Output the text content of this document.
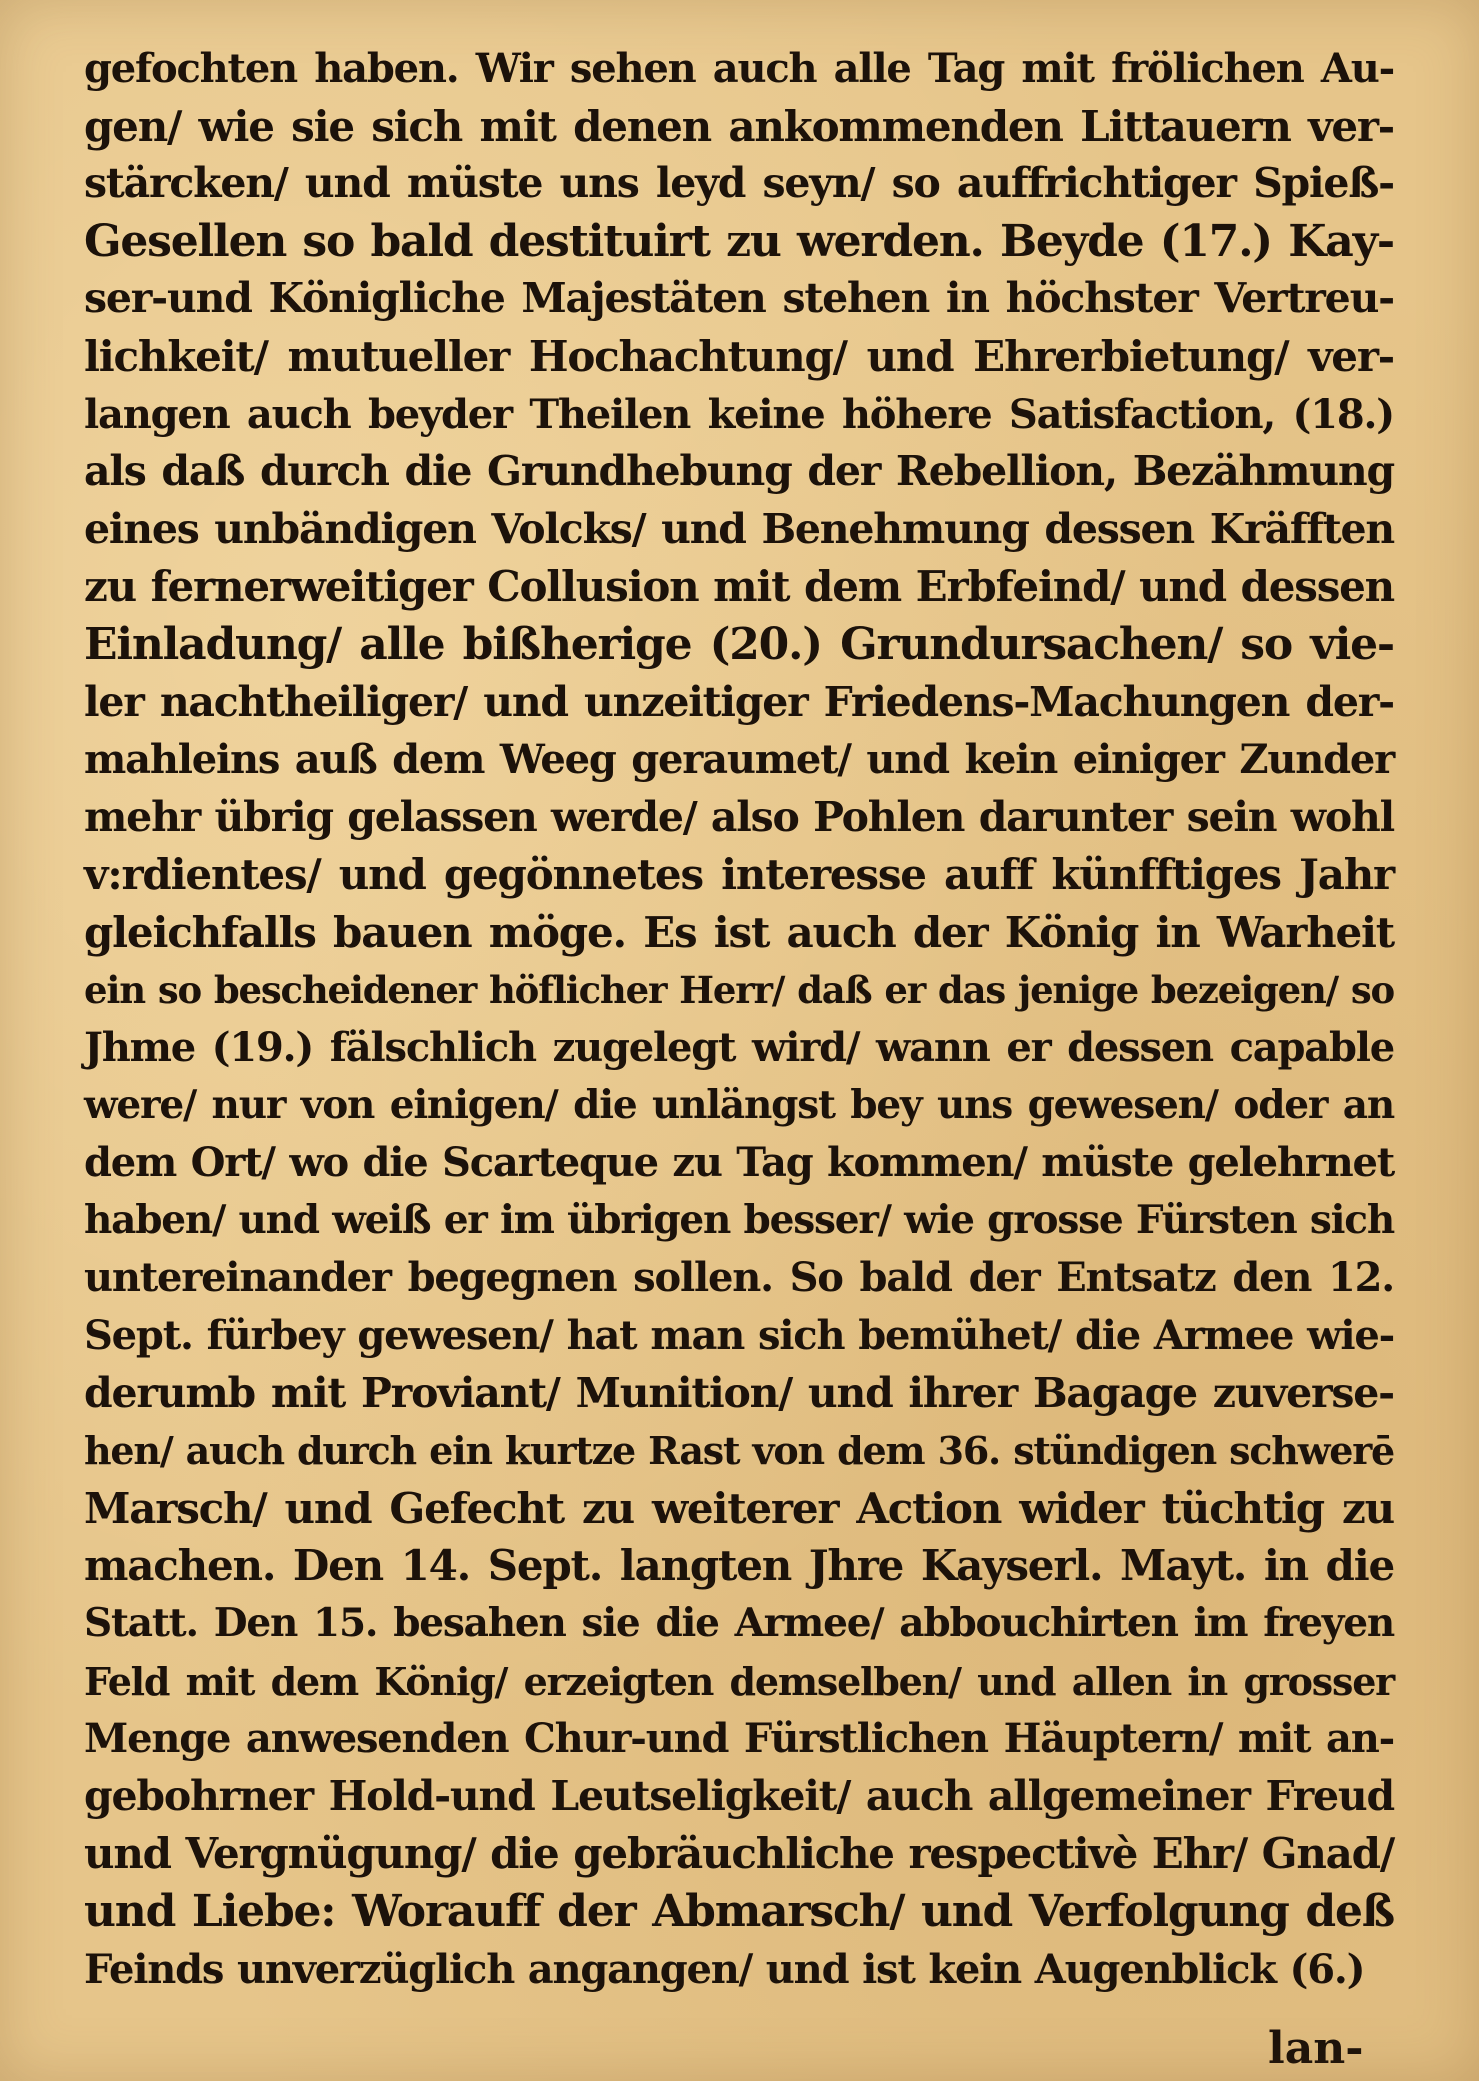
gefochten haben. Wir sehen auch alle Tag mit frölichen Au-
gen/ wie sie sich mit denen ankommenden Littauern ver-
stärcken/ und müste uns leyd seyn/ so auffrichtiger Spieß-
Gesellen so bald destituirt zu werden. Beyde (17.) Kay-
ser-und Königliche Majestäten stehen in höchster Vertreu-
lichkeit/ mutueller Hochachtung/ und Ehrerbietung/ ver-
langen auch beyder Theilen keine höhere Satisfaction, (18.)
als daß durch die Grundhebung der Rebellion, Bezähmung
eines unbändigen Volcks/ und Benehmung dessen Kräfften
zu fernerweitiger Collusion mit dem Erbfeind/ und dessen
Einladung/ alle bißherige (20.) Grundursachen/ so vie-
ler nachtheiliger/ und unzeitiger Friedens-Machungen der-
mahleins auß dem Weeg geraumet/ und kein einiger Zunder
mehr übrig gelassen werde/ also Pohlen darunter sein wohl
v:rdientes/ und gegönnetes interesse auff künfftiges Jahr
gleichfalls bauen möge. Es ist auch der König in Warheit
ein so bescheidener höflicher Herr/ daß er das jenige bezeigen/ so
Jhme (19.) fälschlich zugelegt wird/ wann er dessen capable
were/ nur von einigen/ die unlängst bey uns gewesen/ oder an
dem Ort/ wo die Scarteque zu Tag kommen/ müste gelehrnet
haben/ und weiß er im übrigen besser/ wie grosse Fürsten sich
untereinander begegnen sollen. So bald der Entsatz den 12.
Sept. fürbey gewesen/ hat man sich bemühet/ die Armee wie-
derumb mit Proviant/ Munition/ und ihrer Bagage zuverse-
hen/ auch durch ein kurtze Rast von dem 36. stündigen schwerē
Marsch/ und Gefecht zu weiterer Action wider tüchtig zu
machen. Den 14. Sept. langten Jhre Kayserl. Mayt. in die
Statt. Den 15. besahen sie die Armee/ abbouchirten im freyen
Feld mit dem König/ erzeigten demselben/ und allen in grosser
Menge anwesenden Chur-und Fürstlichen Häuptern/ mit an-
gebohrner Hold-und Leutseligkeit/ auch allgemeiner Freud
und Vergnügung/ die gebräuchliche respectivè Ehr/ Gnad/
und Liebe: Worauff der Abmarsch/ und Verfolgung deß
Feinds unverzüglich angangen/ und ist kein Augenblick (6.)
lan-
